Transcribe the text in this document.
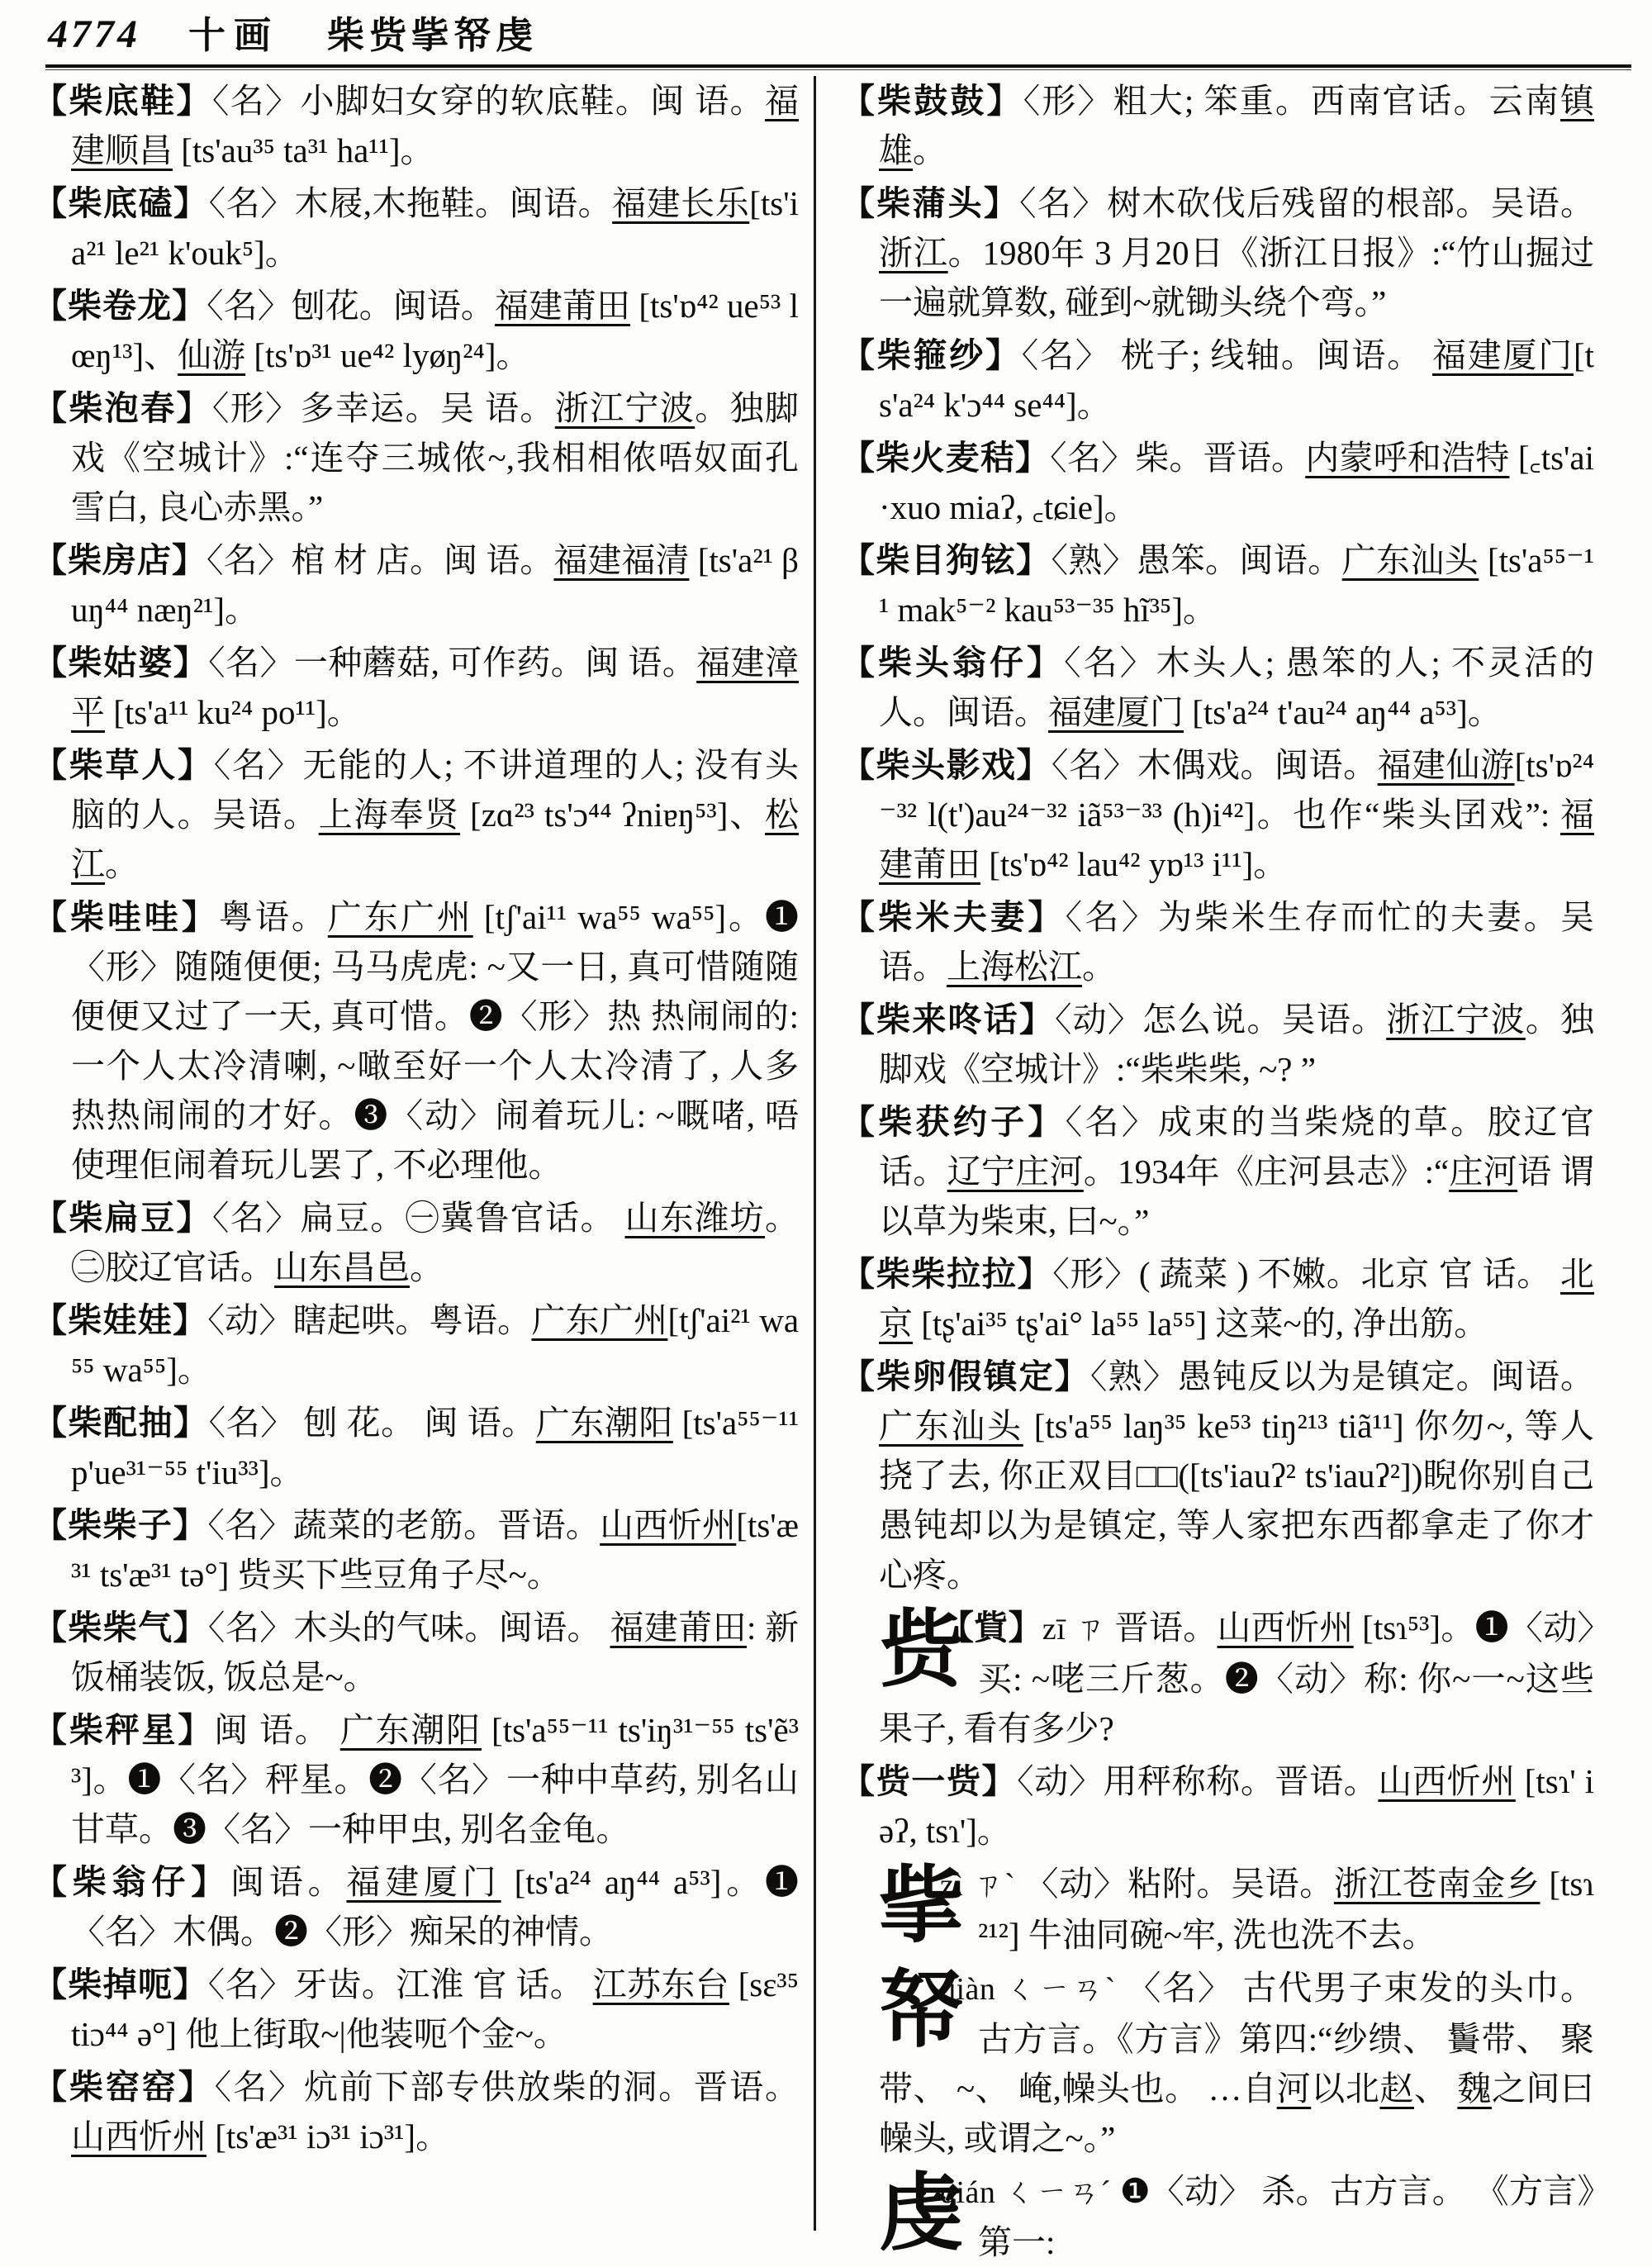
4774 十画 柴赀㧘帑虔
【柴底鞋】〈名〉小脚妇女穿的软底鞋。闽 语。福建顺昌 [ts'au³⁵ ta³¹ ha¹¹]。
【柴底磕】〈名〉木屐,木拖鞋。闽语。福建长乐[ts'ia²¹ le²¹ k'ouk⁵]。
【柴卷龙】〈名〉刨花。闽语。福建莆田 [ts'ɒ⁴² ue⁵³ lœŋ¹³]、仙游 [ts'ɒ³¹ ue⁴² lyøŋ²⁴]。
【柴泡春】〈形〉多幸运。吴 语。浙江宁波。独脚戏《空城计》:“连夺三城侬~,我相相侬唔奴面孔雪白, 良心赤黑。”
【柴房店】〈名〉棺 材 店。闽 语。福建福清 [ts'a²¹ βuŋ⁴⁴ næŋ²¹]。
【柴姑婆】〈名〉一种蘑菇, 可作药。闽 语。福建漳平 [ts'a¹¹ ku²⁴ po¹¹]。
【柴草人】〈名〉无能的人; 不讲道理的人; 没有头脑的人。吴语。上海奉贤 [zɑ²³ ts'ɔ⁴⁴ ʔniɐŋ⁵³]、松江。
【柴哇哇】粤语。广东广州 [tʃ'ai¹¹ wa⁵⁵ wa⁵⁵]。❶〈形〉随随便便; 马马虎虎: ~又一日, 真可惜随随便便又过了一天, 真可惜。❷〈形〉热 热闹闹的: 一个人太冷清喇, ~噉至好一个人太冷清了, 人多热热闹闹的才好。❸〈动〉闹着玩儿: ~嘅啫, 唔使理佢闹着玩儿罢了, 不必理他。
【柴扁豆】〈名〉扁豆。㊀冀鲁官话。 山东潍坊。㊁胶辽官话。山东昌邑。
【柴娃娃】〈动〉瞎起哄。粤语。广东广州[tʃ'ai²¹ wa⁵⁵ wa⁵⁵]。
【柴配抽】〈名〉 刨 花。 闽 语。广东潮阳 [ts'a⁵⁵⁻¹¹ p'ue³¹⁻⁵⁵ t'iu³³]。
【柴柴子】〈名〉蔬菜的老筋。晋语。山西忻州[ts'æ³¹ ts'æ³¹ tə°] 赀买下些豆角子尽~。
【柴柴气】〈名〉木头的气味。闽语。 福建莆田: 新饭桶装饭, 饭总是~。
【柴秤星】闽 语。 广东潮阳 [ts'a⁵⁵⁻¹¹ ts'iŋ³¹⁻⁵⁵ ts'ẽ³³]。❶〈名〉秤星。❷〈名〉一种中草药, 别名山甘草。❸〈名〉一种甲虫, 别名金龟。
【柴翁仔】闽语。福建厦门 [ts'a²⁴ aŋ⁴⁴ a⁵³]。❶〈名〉木偶。❷〈形〉痴呆的神情。
【柴掉呃】〈名〉牙齿。江淮 官 话。 江苏东台 [sɛ³⁵ tiɔ⁴⁴ ə°] 他上街取~|他装呃个金~。
【柴窑窑】〈名〉炕前下部专供放柴的洞。晋语。山西忻州 [ts'æ³¹ iɔ³¹ iɔ³¹]。
【柴鼓鼓】〈形〉粗大; 笨重。西南官话。云南镇雄。
【柴蒲头】〈名〉树木砍伐后残留的根部。吴语。浙江。1980年 3 月20日《浙江日报》:“竹山掘过一遍就算数, 碰到~就锄头绕个弯。”
【柴箍纱】〈名〉 桄子; 线轴。闽语。 福建厦门[ts'a²⁴ k'ɔ⁴⁴ se⁴⁴]。
【柴火麦秸】〈名〉柴。晋语。内蒙呼和浩特 [꜀ts'ai ·xuo miaʔ, ꜀tɕie]。
【柴目狗铉】〈熟〉愚笨。闽语。广东汕头 [ts'a⁵⁵⁻¹¹ mak⁵⁻² kau⁵³⁻³⁵ hĩ³⁵]。
【柴头翁仔】〈名〉木头人; 愚笨的人; 不灵活的人。闽语。福建厦门 [ts'a²⁴ t'au²⁴ aŋ⁴⁴ a⁵³]。
【柴头影戏】〈名〉木偶戏。闽语。福建仙游[ts'ɒ²⁴⁻³² l(t')au²⁴⁻³² iã⁵³⁻³³ (h)i⁴²]。也作“柴头囝戏”: 福建莆田 [ts'ɒ⁴² lau⁴² yɒ¹³ i¹¹]。
【柴米夫妻】〈名〉为柴米生存而忙的夫妻。吴语。上海松江。
【柴来咚话】〈动〉怎么说。吴语。浙江宁波。独脚戏《空城计》:“柴柴柴, ~? ”
【柴获约子】〈名〉成束的当柴烧的草。胶辽官话。辽宁庄河。1934年《庄河县志》:“庄河语 谓 以草为柴束, 曰~。”
【柴柴拉拉】〈形〉( 蔬菜 ) 不嫩。北京 官 话。 北京 [tʂ'ai³⁵ tʂ'ai° la⁵⁵ la⁵⁵] 这菜~的, 净出筋。
【柴卵假镇定】〈熟〉愚钝反以为是镇定。闽语。广东汕头 [ts'a⁵⁵ laŋ³⁵ ke⁵³ tiŋ²¹³ tiã¹¹] 你勿~, 等人挠了去, 你正双目□□([ts'iauʔ² ts'iauʔ²])睨你别自己愚钝却以为是镇定, 等人家把东西都拿走了你才心疼。
赀
【貲】zī ㄗ 晋语。山西忻州 [tsɿ⁵³]。❶〈动〉买: ~咾三斤葱。❷〈动〉称: 你~一~这些果子, 看有多少?
【赀一赀】〈动〉用秤称称。晋语。山西忻州 [tsɿ' iəʔ, tsɿ']。
㧘
zì ㄗˋ 〈动〉粘附。吴语。浙江苍南金乡 [tsɿ²¹²] 牛油同碗~牢, 洗也洗不去。
帑
qiàn ㄑㄧㄢˋ 〈名〉 古代男子束发的头巾。古方言。《方言》第四:“纱缋、 䰎带、 聚带、 ~、 崦,幧头也。 …自河以北赵、 魏之间曰幧头, 或谓之~。”
虔
qián ㄑㄧㄢˊ ❶〈动〉 杀。古方言。 《方言》第一:
